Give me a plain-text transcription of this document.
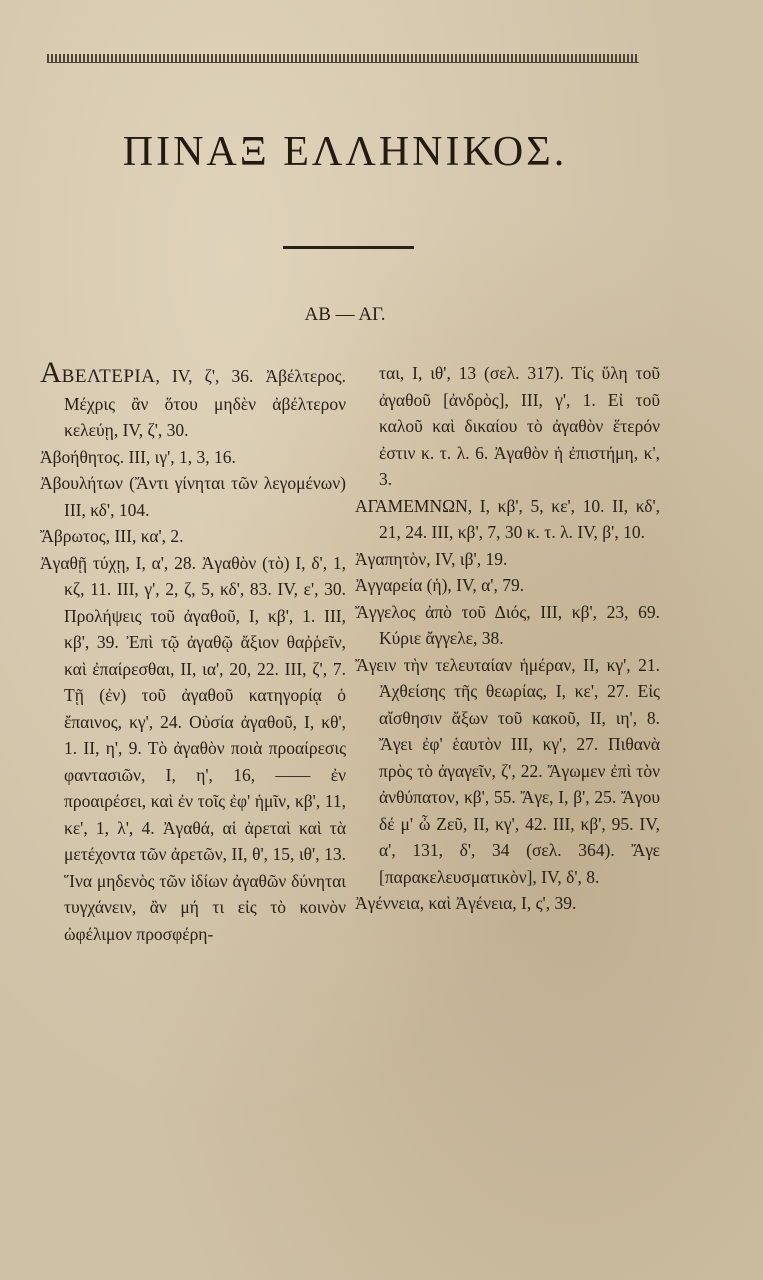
ΠΙΝΑΞ ΕΛΛΗΝΙΚΟΣ.
ΑΒ — ΑΓ.

ΑΒΕΛΤΕΡΙΑ, IV, ζ', 36. Ἀβέλτερος. Μέχρις ἂν ὅτου μηδὲν ἀβέλτερον κελεύῃ, IV, ζ', 30.

Ἀβοήθητος. III, ιγ', 1, 3, 16.

Ἀβουλήτων (Ἄντι γίνηται τῶν λεγομένων) III, κδ', 104.

Ἄβρωτος, III, κα', 2.

Ἀγαθῇ τύχῃ, I, α', 28. Ἀγαθὸν (τὸ) I, δ', 1, κζ, 11. III, γ', 2, ζ, 5, κδ', 83. IV, ε', 30. Προλήψεις τοῦ ἀγαθοῦ, I, κβ', 1. III, κβ', 39. Ἐπὶ τῷ ἀγαθῷ ἄξιον θαῤῥεῖν, καὶ ἐπαίρεσθαι, II, ια', 20, 22. III, ζ', 7. Τῇ (ἐν) τοῦ ἀγαθοῦ κατηγορίᾳ ὁ ἔπαινος, κγ', 24. Οὐσία ἀγαθοῦ, I, κθ', 1. II, η', 9. Τὸ ἀγαθὸν ποιὰ προαίρεσις φαντασιῶν, I, η', 16, —— ἐν προαιρέσει, καὶ ἐν τοῖς ἐφ' ἡμῖν, κβ', 11, κε', 1, λ', 4. Ἀγαθά, αἱ ἀρεταὶ καὶ τὰ μετέχοντα τῶν ἀρετῶν, II, θ', 15, ιθ', 13. Ἵνα μηδενὸς τῶν ἰδίων ἀγαθῶν δύνηται τυγχάνειν, ἂν μή τι εἰς τὸ κοινὸν ὠφέλιμον προσφέρη-

ται, I, ιθ', 13 (σελ. 317). Τίς ὕλη τοῦ ἀγαθοῦ [ἀνδρὸς], III, γ', 1. Εἰ τοῦ καλοῦ καὶ δικαίου τὸ ἀγαθὸν ἕτερόν ἐστιν κ. τ. λ. 6. Ἀγαθὸν ἡ ἐπιστήμη, κ', 3.

ΑΓΑΜΕΜΝΩΝ, I, κβ', 5, κε', 10. II, κδ', 21, 24. III, κβ', 7, 30 κ. τ. λ. IV, β', 10.

Ἀγαπητὸν, IV, ιβ', 19.

Ἀγγαρεία (ἡ), IV, α', 79.

Ἄγγελος ἀπὸ τοῦ Διός, III, κβ', 23, 69. Κύριε ἄγγελε, 38.

Ἄγειν τὴν τελευταίαν ἡμέραν, II, κγ', 21. Ἀχθείσης τῆς θεωρίας, I, κε', 27. Εἰς αἴσθησιν ἄξων τοῦ κακοῦ, II, ιη', 8. Ἄγει ἐφ' ἑαυτὸν III, κγ', 27. Πιθανὰ πρὸς τὸ ἀγαγεῖν, ζ', 22. Ἄγωμεν ἐπὶ τὸν ἀνθύπατον, κβ', 55. Ἄγε, I, β', 25. Ἄγου δέ μ' ὦ Ζεῦ, II, κγ', 42. III, κβ', 95. IV, α', 131, δ', 34 (σελ. 364). Ἄγε [παρακελευσματικὸν], IV, δ', 8.

Ἀγέννεια, καὶ Ἀγένεια, I, ς', 39.
